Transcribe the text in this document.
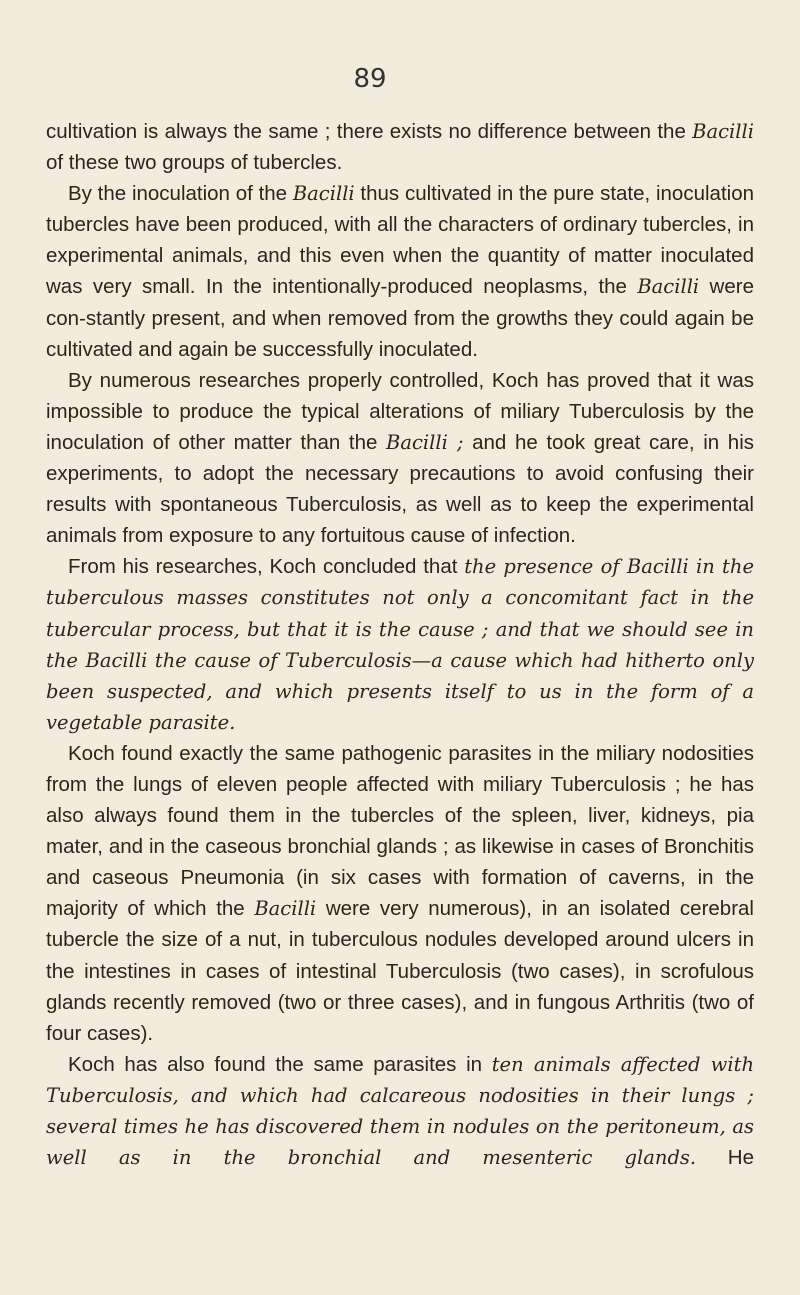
89

cultivation is always the same ; there exists no difference between the Bacilli of these two groups of tubercles.

By the inoculation of the Bacilli thus cultivated in the pure state, inoculation tubercles have been produced, with all the characters of ordinary tubercles, in experimental animals, and this even when the quantity of matter inoculated was very small. In the intentionally-produced neoplasms, the Bacilli were con-stantly present, and when removed from the growths they could again be cultivated and again be successfully inoculated.

By numerous researches properly controlled, Koch has proved that it was impossible to produce the typical alterations of miliary Tuberculosis by the inoculation of other matter than the Bacilli ; and he took great care, in his experiments, to adopt the necessary precautions to avoid confusing their results with spontaneous Tuberculosis, as well as to keep the experimental animals from exposure to any fortuitous cause of infection.

From his researches, Koch concluded that the presence of Bacilli in the tuberculous masses constitutes not only a concomitant fact in the tubercular process, but that it is the cause ; and that we should see in the Bacilli the cause of Tuberculosis—a cause which had hitherto only been suspected, and which presents itself to us in the form of a vegetable parasite.

Koch found exactly the same pathogenic parasites in the miliary nodosities from the lungs of eleven people affected with miliary Tuberculosis ; he has also always found them in the tubercles of the spleen, liver, kidneys, pia mater, and in the caseous bronchial glands ; as likewise in cases of Bronchitis and caseous Pneumonia (in six cases with formation of caverns, in the majority of which the Bacilli were very numerous), in an isolated cerebral tubercle the size of a nut, in tuberculous nodules developed around ulcers in the intestines in cases of intestinal Tuberculosis (two cases), in scrofulous glands recently removed (two or three cases), and in fungous Arthritis (two of four cases).

Koch has also found the same parasites in ten animals affected with Tuberculosis, and which had calcareous nodosities in their lungs ; several times he has discovered them in nodules on the peritoneum, as well as in the bronchial and mesenteric glands. He
